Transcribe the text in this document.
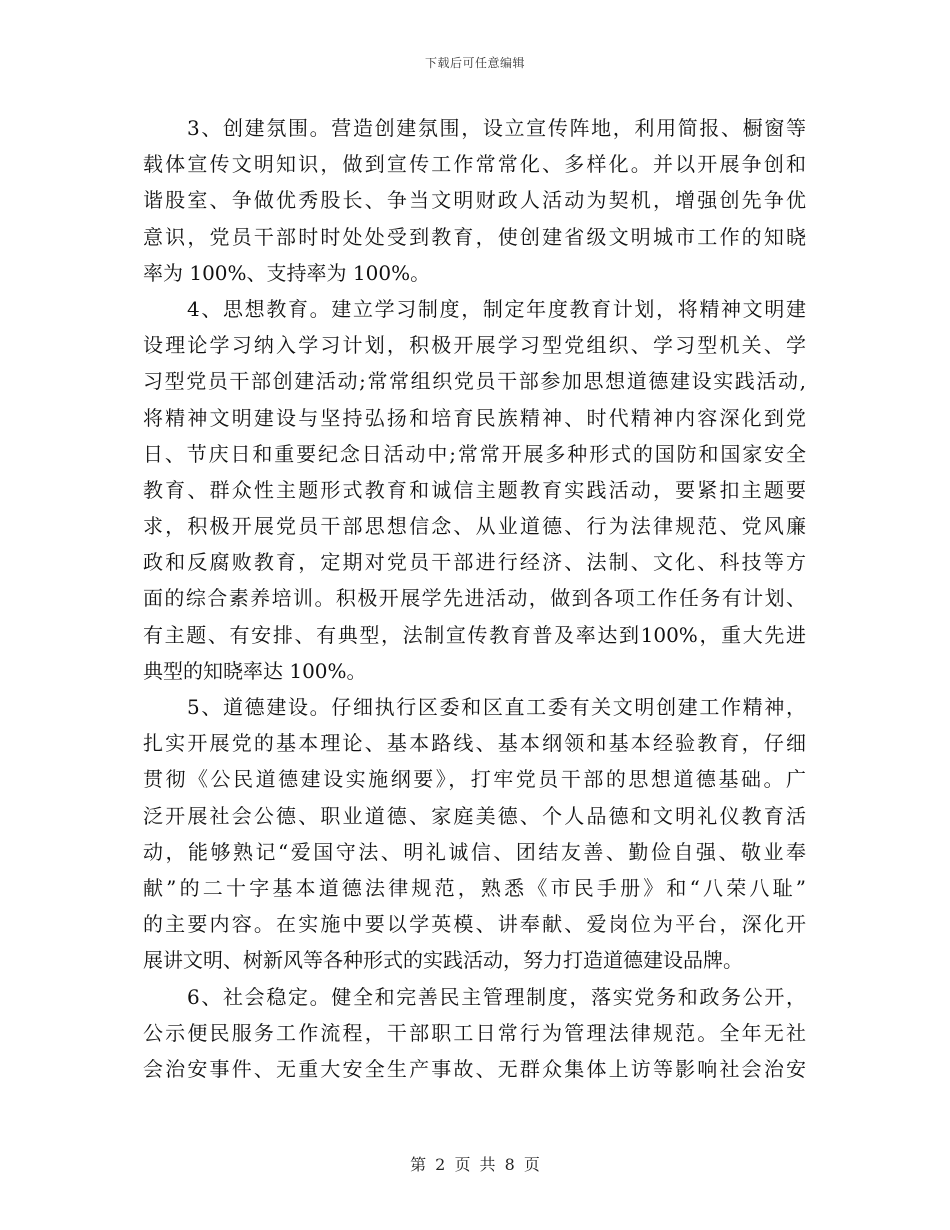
下载后可任意编辑
3、创建氛围。营造创建氛围，设立宣传阵地，利用简报、橱窗等
载体宣传文明知识，做到宣传工作常常化、多样化。并以开展争创和
谐股室、争做优秀股长、争当文明财政人活动为契机，增强创先争优
意识，党员干部时时处处受到教育，使创建省级文明城市工作的知晓
率为 100%、支持率为 100%。
4、思想教育。建立学习制度，制定年度教育计划，将精神文明建
设理论学习纳入学习计划，积极开展学习型党组织、学习型机关、学
习型党员干部创建活动;常常组织党员干部参加思想道德建设实践活动,
将精神文明建设与坚持弘扬和培育民族精神、时代精神内容深化到党
日、节庆日和重要纪念日活动中;常常开展多种形式的国防和国家安全
教育、群众性主题形式教育和诚信主题教育实践活动，要紧扣主题要
求，积极开展党员干部思想信念、从业道德、行为法律规范、党风廉
政和反腐败教育，定期对党员干部进行经济、法制、文化、科技等方
面的综合素养培训。积极开展学先进活动，做到各项工作任务有计划、
有主题、有安排、有典型，法制宣传教育普及率达到100%，重大先进
典型的知晓率达 100%。
5、道德建设。仔细执行区委和区直工委有关文明创建工作精神，
扎实开展党的基本理论、基本路线、基本纲领和基本经验教育，仔细
贯彻《公民道德建设实施纲要》，打牢党员干部的思想道德基础。广
泛开展社会公德、职业道德、家庭美德、个人品德和文明礼仪教育活
动，能够熟记“爱国守法、明礼诚信、团结友善、勤俭自强、敬业奉
献”的二十字基本道德法律规范，熟悉《市民手册》和“八荣八耻”
的主要内容。在实施中要以学英模、讲奉献、爱岗位为平台，深化开
展讲文明、树新风等各种形式的实践活动，努力打造道德建设品牌。
6、社会稳定。健全和完善民主管理制度，落实党务和政务公开，
公示便民服务工作流程，干部职工日常行为管理法律规范。全年无社
会治安事件、无重大安全生产事故、无群众集体上访等影响社会治安
第 2 页 共 8 页
